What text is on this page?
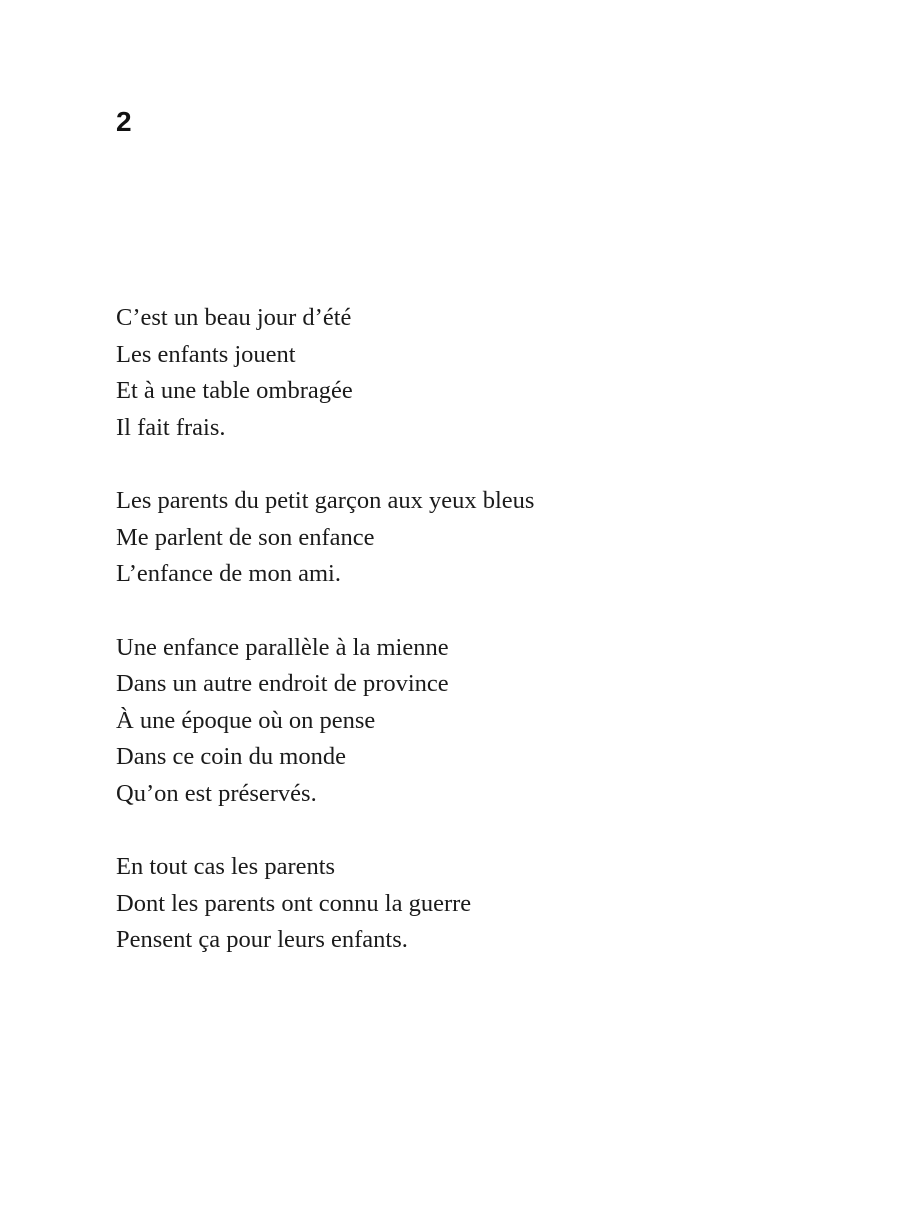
2
C’est un beau jour d’été
Les enfants jouent
Et à une table ombragée
Il fait frais.
Les parents du petit garçon aux yeux bleus
Me parlent de son enfance
L’enfance de mon ami.
Une enfance parallèle à la mienne
Dans un autre endroit de province
À une époque où on pense
Dans ce coin du monde
Qu’on est préservés.
En tout cas les parents
Dont les parents ont connu la guerre
Pensent ça pour leurs enfants.
